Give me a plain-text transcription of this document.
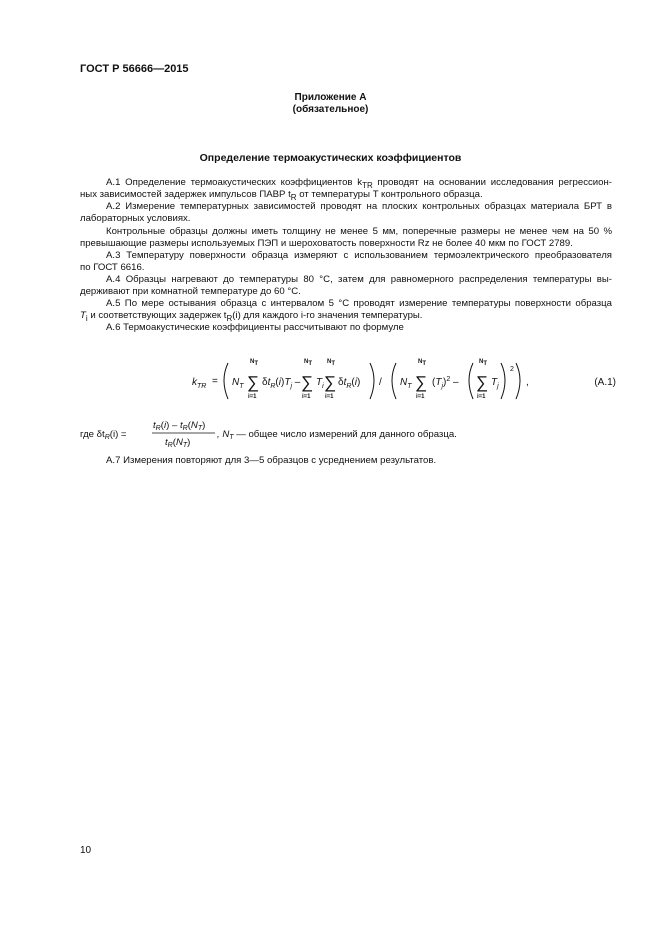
ГОСТ Р 56666—2015
Приложение А
(обязательное)
Определение термоакустических коэффициентов
А.1 Определение термоакустических коэффициентов $k_{TR}$ проводят на основании исследования регрессион-
ных зависимостей задержек импульсов ПАВР $t_R$ от температуры T контрольного образца.
А.2 Измерение температурных зависимостей проводят на плоских контрольных образцах материала БРТ в
лабораторных условиях.
Контрольные образцы должны иметь толщину не менее 5 мм, поперечные размеры не менее чем на 50 %
превышающие размеры используемых ПЭП и шероховатость поверхности Rz не более 40 мкм по ГОСТ 2789.
А.3 Температуру поверхности образца измеряют с использованием термоэлектрического преобразователя
по ГОСТ 6616.
А.4 Образцы нагревают до температуры 80 °С, затем для равномерного распределения температуры вы-
держивают при комнатной температуре до 60 °С.
А.5 По мере остывания образца с интервалом 5 °С проводят измерение температуры поверхности образца
$T_i$ и соответствующих задержек $t_R(i)$ для каждого i-го значения температуры.
А.6 Термоакустические коэффициенты рассчитывают по формуле
$k_{TR} = N_T$
NT
∑
i=1
$\delta t_R(i)T_j$ –
NT
∑
i=1
$T_i$
NT
∑
i=1
$\delta t_R(i) / N_T$
NT
∑
i=1
$(T_j)^2$ –
NT
∑
i=1
$T_j$
2
,	(А.1)
где $\delta t_R(i)$ =
$t_R(i) - t_R(N_T)$
$t_R(N_T)$
, $N_T$ — общее число измерений для данного образца.
А.7 Измерения повторяют для 3—5 образцов с усреднением результатов.
10
